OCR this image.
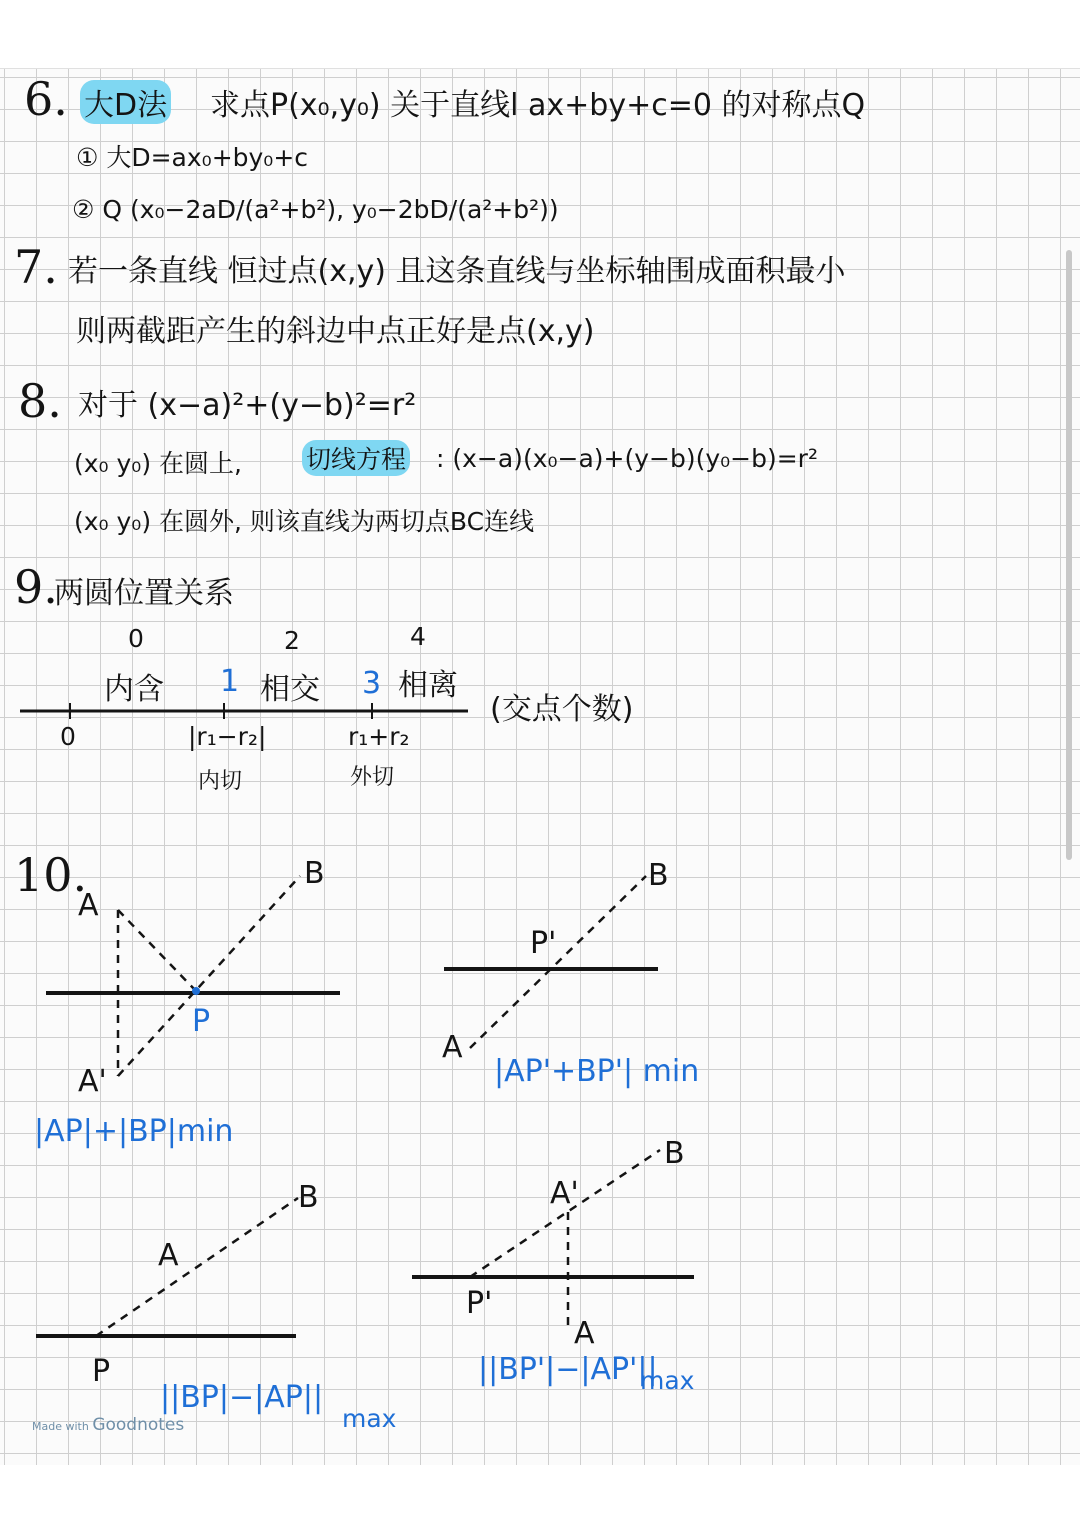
6. 大D法 求点P(x₀,y₀) 关于直线l ax+by+c=0 的对称点Q
① 大D=ax₀+by₀+c
② Q (x₀−2aD/(a²+b²), y₀−2bD/(a²+b²))
7. 若一条直线 恒过点(x,y) 且这条直线与坐标轴围成面积最小
则两截距产生的斜边中点正好是点(x,y)
8. 对于 (x−a)²+(y−b)²=r²
(x₀ y₀) 在圆上,	切线方程 : (x−a)(x₀−a)+(y−b)(y₀−b)=r²
(x₀ y₀) 在圆外, 则该直线为两切点BC连线
9.
两圆位置关系
0	2	4
内含 1 相交 3 相离
(交点个数)
0	|r₁−r₂|
内切
r₁+r₂
外切
10.
A
B
P
A'
|AP|+|BP|min
B
P'
A
|AP'+BP'| min
A
B
P
||BP|−|AP||
max
A'
B
P'
A
||BP'|−|AP'||
max
Made with Goodnotes
